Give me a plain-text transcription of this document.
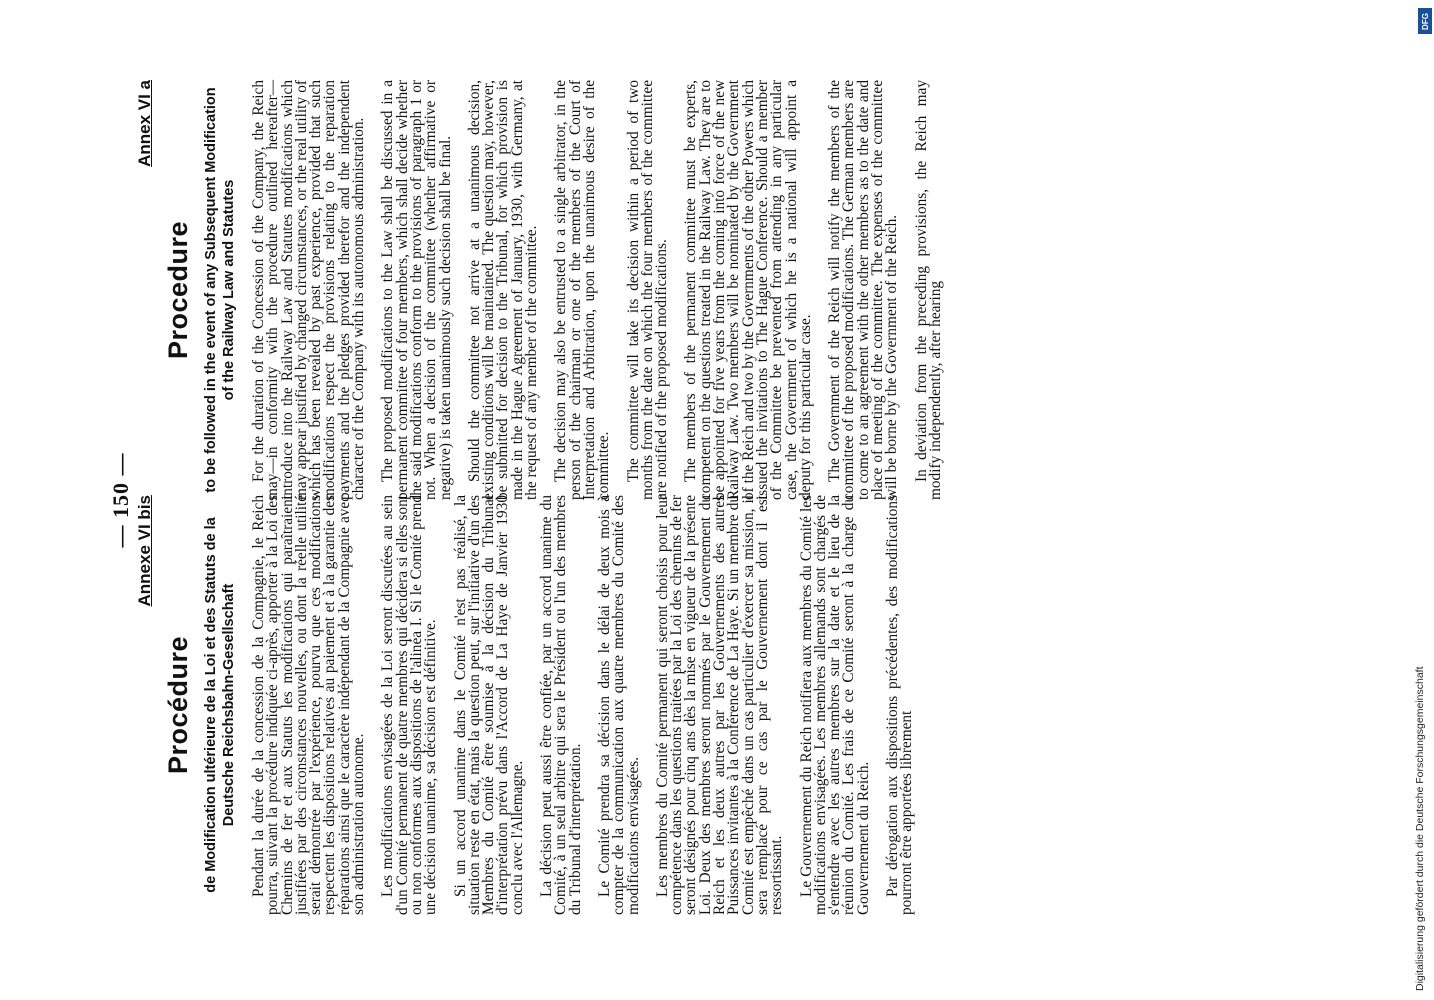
— 150 — Annexe VI bis
Procédure de Modification ultérieure de la Loi et des Statuts de la Deutsche Reichsbahn-Gesellschaft Pendant la durée de la concession de la Compagnie, le Reich pourra, suivant la procédure indiquée ci-après, apporter à la Loi des Chemins de fer et aux Statuts les modifications qui paraîtraient justifiées par des circonstances nouvelles, ou dont la réelle utilité serait démontrée par l'expérience, pourvu que ces modifications respectent les dispositions relatives au paiement et à la garantie des réparations ainsi que le caractère indépendant de la Compagnie avec son administration autonome. Les modifications envisagées de la Loi seront discutées au sein d'un Comité permanent de quatre membres qui décidera si elles sont ou non conformes aux dispositions de l'alinéa I. Si le Comité prend une décision unanime, sa décision est définitive. Si un accord unanime dans le Comité n'est pas réalisé, la situation reste en état, mais la question peut, sur l'initiative d'un des Membres du Comité être soumise à la décision du Tribunal d'interprétation prévu dans l'Accord de La Haye de Janvier 1930 conclu avec l'Allemagne. La décision peut aussi être confiée, par un accord unanime du Comité, à un seul arbitre qui sera le Président ou l'un des membres du Tribunal d'interprétation. Le Comité prendra sa décision dans le délai de deux mois à compter de la communication aux quatre membres du Comité des modifications envisagées. Les membres du Comité permanent qui seront choisis pour leur compétence dans les questions traitées par la Loi des chemins de fer seront désignés pour cinq ans dès la mise en vigueur de la présente Loi. Deux des membres seront nommés par le Gouvernement du Reich et les deux autres par les Gouvernements des autres Puissances invitantes à la Conférence de La Haye. Si un membre du Comité est empêché dans un cas particulier d'exercer sa mission, il sera remplacé pour ce cas par le Gouvernement dont il est ressortissant. Le Gouvernement du Reich notifiera aux membres du Comité les modifications envisagées. Les membres allemands sont chargés de s'entendre avec les autres membres sur la date et le lieu de la réunion du Comité. Les frais de ce Comité seront à la charge du Gouvernement du Reich. Par dérogation aux dispositions précédentes, des modifications pourront être apportées librement

Annex VI a
Procedure to be followed in the event of any Subsequent Modification of the Railway Law and Statutes For the duration of the Concession of the Company, the Reich may—in conformity with the procedure outlined hereafter—introduce into the Railway Law and Statutes modifications which may appear justified by changed circumstances, or the real utility of which has been revealed by past experience, provided that such modifications respect the provisions relating to the reparation payments and the pledges provided therefor and the independent character of the Company with its autonomous administration. The proposed modifications to the Law shall be discussed in a permanent committee of four members, which shall decide whether the said modifications conform to the provisions of paragraph 1 or not. When a decision of the committee (whether affirmative or negative) is taken unanimously such decision shall be final. Should the committee not arrive at a unanimous decision, existing conditions will be maintained. The question may, however, be submitted for decision to the Tribunal, for which provision is made in the Hague Agreement of January, 1930, with Germany, at the request of any member of the committee. The decision may also be entrusted to a single arbitrator, in the person of the chairman or one of the members of the Court of Interpretation and Arbitration, upon the unanimous desire of the committee. The committee will take its decision within a period of two months from the date on which the four members of the committee are notified of the proposed modifications. The members of the permanent committee must be experts, competent on the questions treated in the Railway Law. They are to be appointed for five years from the coming into force of the new Railway Law. Two members will be nominated by the Government of the Reich and two by the Governments of the other Powers which issued the invitations to The Hague Conference. Should a member of the Committee be prevented from attending in any particular case, the Government of which he is a national will appoint a deputy for this particular case. The Government of the Reich will notify the members of the committee of the proposed modifications. The German members are to come to an agreement with the other members as to the date and place of meeting of the committee. The expenses of the committee will be borne by the Government of the Reich. In deviation from the preceding provisions, the Reich may modify independently, after hearing

Digitalisierung gefördert durch die Deutsche Forschungsgemeinschaft
DFG
